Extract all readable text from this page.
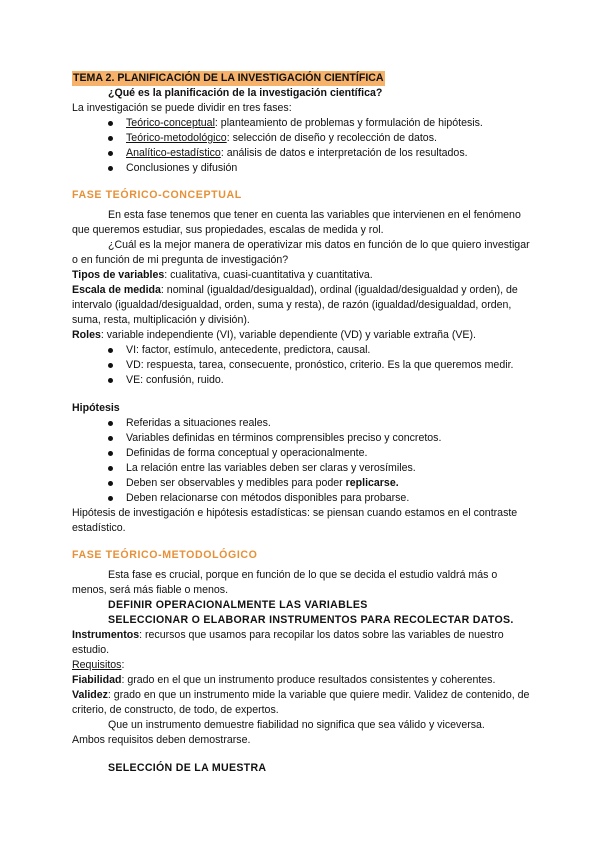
TEMA 2. PLANIFICACIÓN DE LA INVESTIGACIÓN CIENTÍFICA

¿Qué es la planificación de la investigación científica?

La investigación se puede dividir en tres fases:

Teórico-conceptual: planteamiento de problemas y formulación de hipótesis.
Teórico-metodológico: selección de diseño y recolección de datos.
Analítico-estadístico: análisis de datos e interpretación de los resultados.
Conclusiones y difusión

FASE TEÓRICO-CONCEPTUAL

En esta fase tenemos que tener en cuenta las variables que intervienen en el fenómeno que queremos estudiar, sus propiedades, escalas de medida y rol.

¿Cuál es la mejor manera de operativizar mis datos en función de lo que quiero investigar o en función de mi pregunta de investigación?

Tipos de variables: cualitativa, cuasi-cuantitativa y cuantitativa.

Escala de medida: nominal (igualdad/desigualdad), ordinal (igualdad/desigualdad y orden), de intervalo (igualdad/desigualdad, orden, suma y resta), de razón (igualdad/desigualdad, orden, suma, resta, multiplicación y división).

Roles: variable independiente (VI), variable dependiente (VD) y variable extraña (VE).

VI: factor, estímulo, antecedente, predictora, causal.
VD: respuesta, tarea, consecuente, pronóstico, criterio. Es la que queremos medir.
VE: confusión, ruido.

Hipótesis

Referidas a situaciones reales.
Variables definidas en términos comprensibles preciso y concretos.
Definidas de forma conceptual y operacionalmente.
La relación entre las variables deben ser claras y verosímiles.
Deben ser observables y medibles para poder replicarse.
Deben relacionarse con métodos disponibles para probarse.

Hipótesis de investigación e hipótesis estadísticas: se piensan cuando estamos en el contraste estadístico.

FASE TEÓRICO-METODOLÓGICO

Esta fase es crucial, porque en función de lo que se decida el estudio valdrá más o menos, será más fiable o menos.

DEFINIR OPERACIONALMENTE LAS VARIABLES

SELECCIONAR O ELABORAR INSTRUMENTOS PARA RECOLECTAR DATOS.

Instrumentos: recursos que usamos para recopilar los datos sobre las variables de nuestro estudio.

Requisitos:

Fiabilidad: grado en el que un instrumento produce resultados consistentes y coherentes.

Validez: grado en que un instrumento mide la variable que quiere medir. Validez de contenido, de criterio, de constructo, de todo, de expertos.

Que un instrumento demuestre fiabilidad no significa que sea válido y viceversa.

Ambos requisitos deben demostrarse.

SELECCIÓN DE LA MUESTRA
